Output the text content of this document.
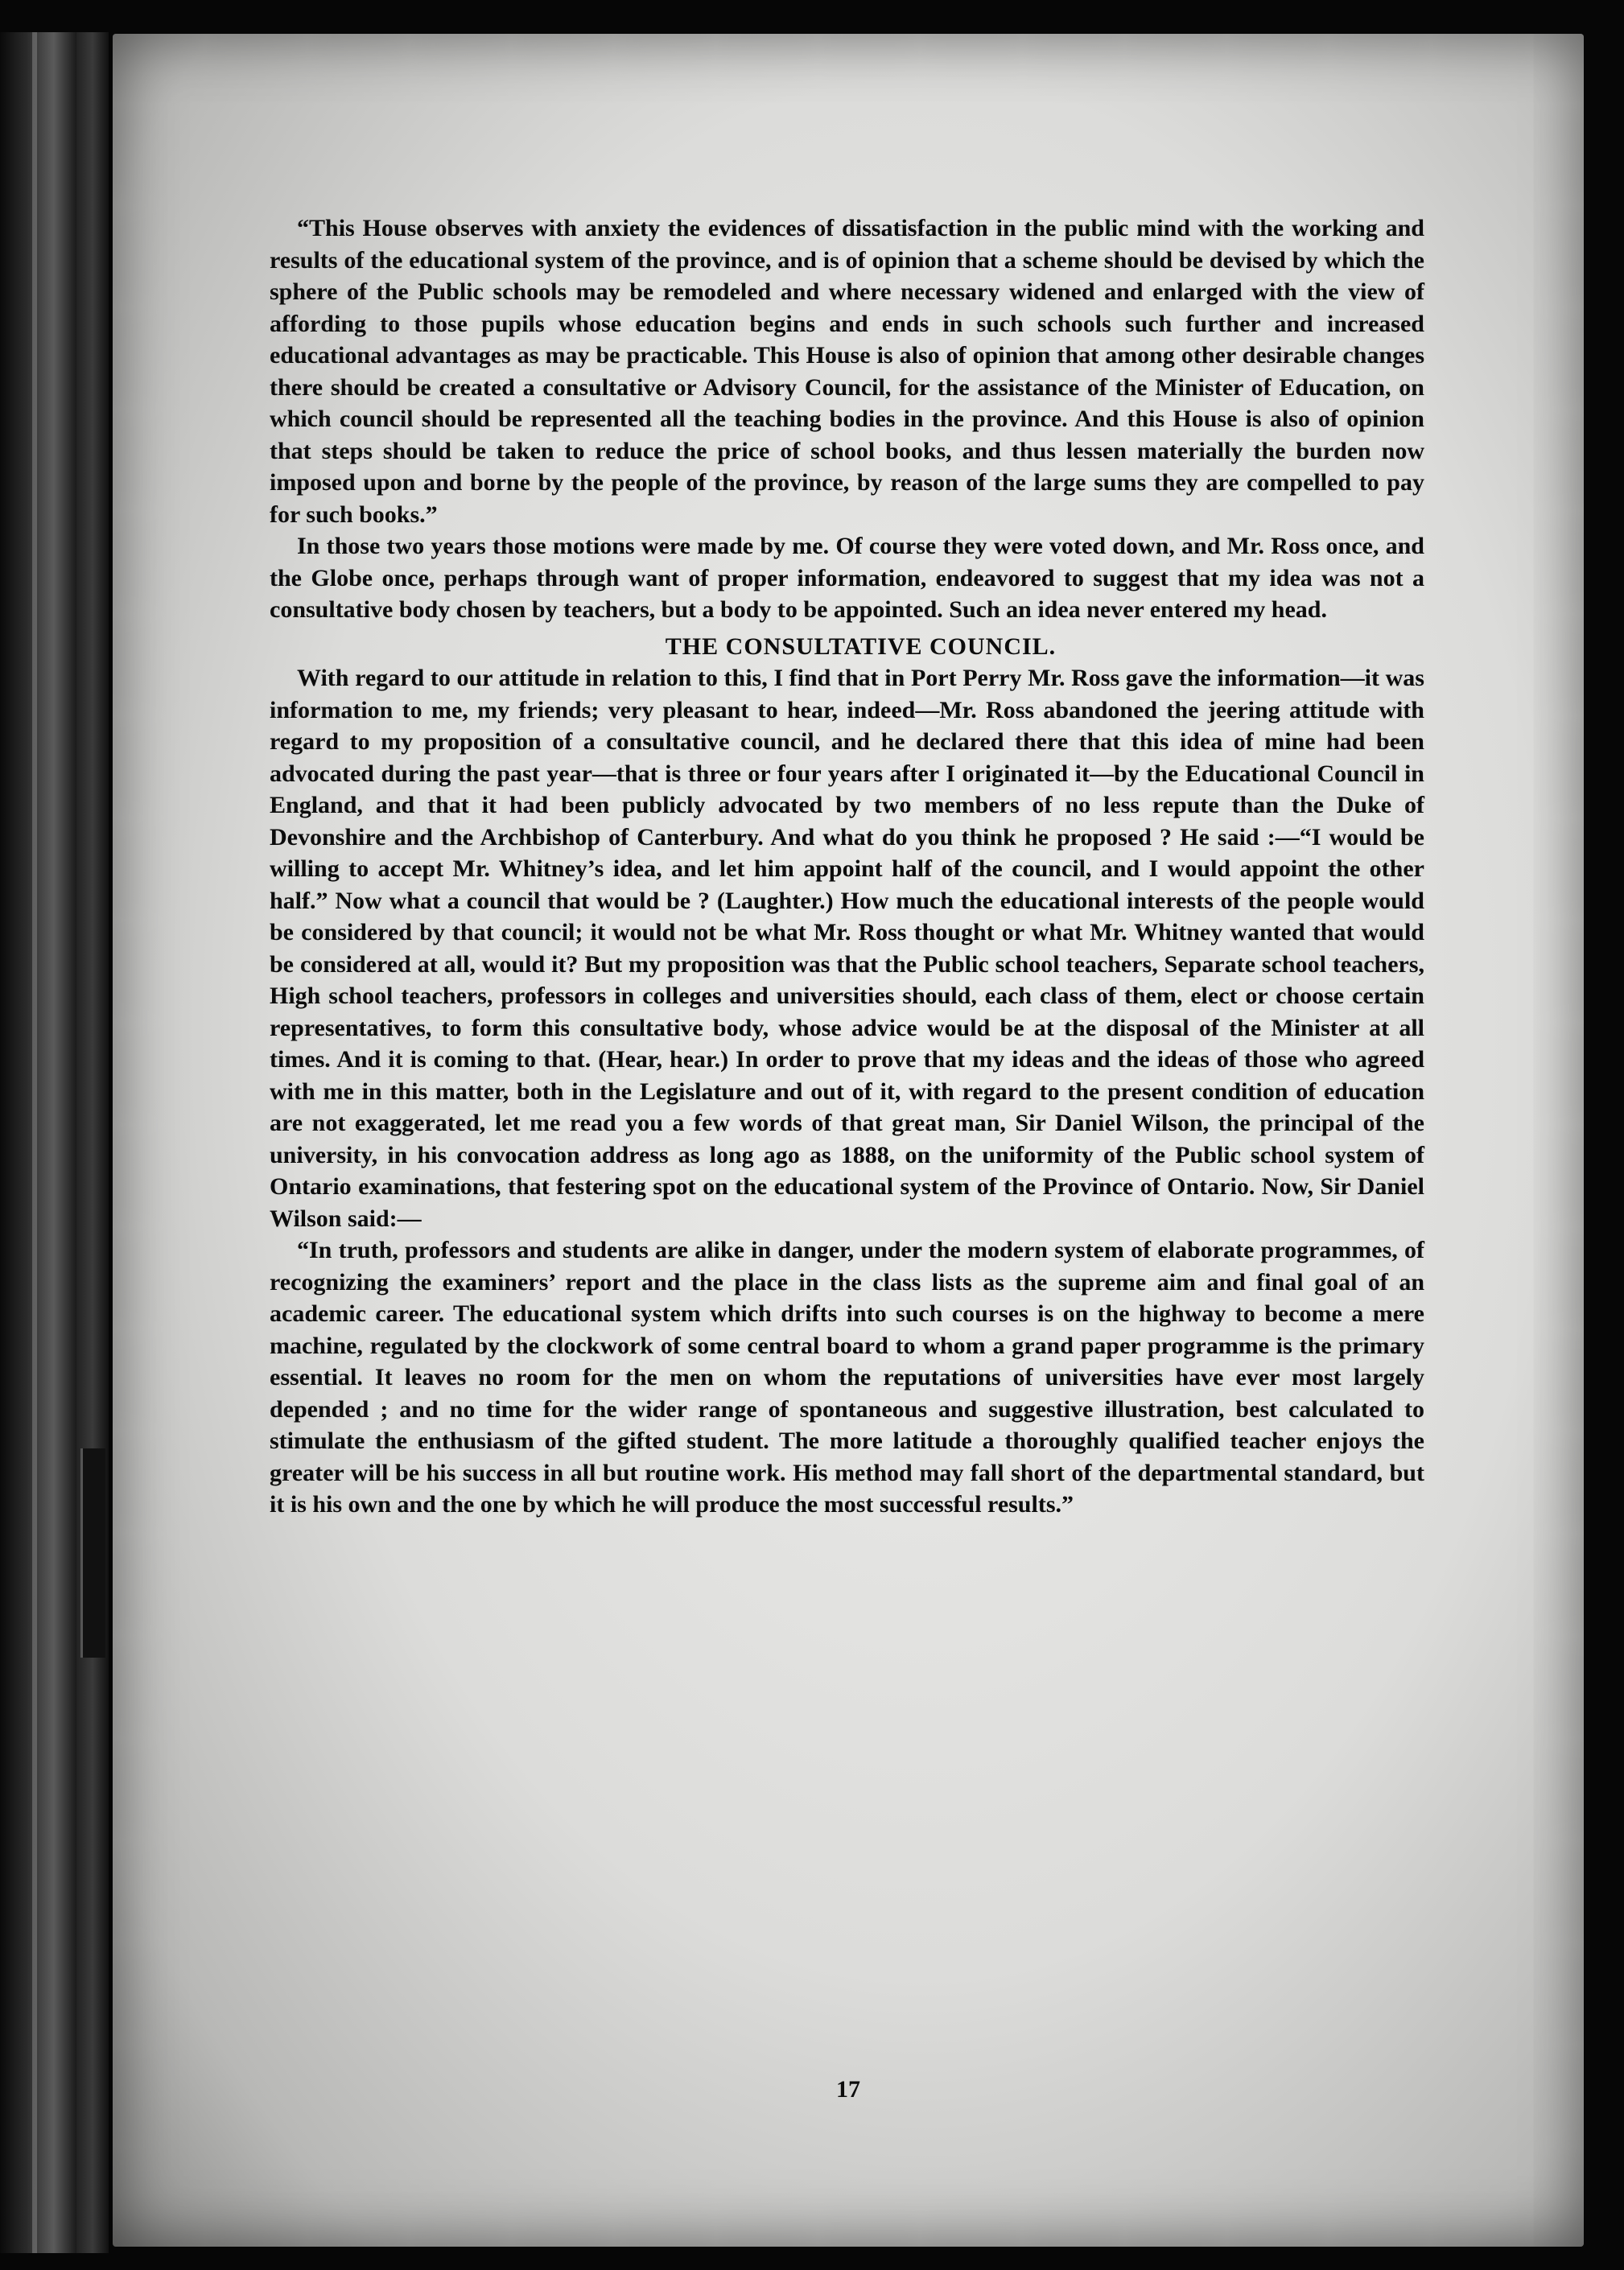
“This House observes with anxiety the evidences of dissatisfaction in the public mind with the working and results of the educational system of the province, and is of opinion that a scheme should be devised by which the sphere of the Public schools may be remodeled and where necessary widened and enlarged with the view of affording to those pupils whose education begins and ends in such schools such further and increased educational advantages as may be practicable. This House is also of opinion that among other desirable changes there should be created a consultative or Advisory Council, for the assistance of the Minister of Education, on which council should be represented all the teaching bodies in the province. And this House is also of opinion that steps should be taken to reduce the price of school books, and thus lessen materially the burden now imposed upon and borne by the people of the province, by reason of the large sums they are compelled to pay for such books.”

In those two years those motions were made by me. Of course they were voted down, and Mr. Ross once, and the Globe once, perhaps through want of proper information, endeavored to suggest that my idea was not a consultative body chosen by teachers, but a body to be appointed. Such an idea never entered my head.

THE CONSULTATIVE COUNCIL.

With regard to our attitude in relation to this, I find that in Port Perry Mr. Ross gave the information—it was information to me, my friends; very pleasant to hear, indeed—Mr. Ross abandoned the jeering attitude with regard to my proposition of a consultative council, and he declared there that this idea of mine had been advocated during the past year—that is three or four years after I originated it—by the Educational Council in England, and that it had been publicly advocated by two members of no less repute than the Duke of Devonshire and the Archbishop of Canterbury. And what do you think he proposed ? He said :—“I would be willing to accept Mr. Whitney’s idea, and let him appoint half of the council, and I would appoint the other half.” Now what a council that would be ? (Laughter.) How much the educational interests of the people would be considered by that council; it would not be what Mr. Ross thought or what Mr. Whitney wanted that would be considered at all, would it? But my proposition was that the Public school teachers, Separate school teachers, High school teachers, professors in colleges and universities should, each class of them, elect or choose certain representatives, to form this consultative body, whose advice would be at the disposal of the Minister at all times. And it is coming to that. (Hear, hear.) In order to prove that my ideas and the ideas of those who agreed with me in this matter, both in the Legislature and out of it, with regard to the present condition of education are not exaggerated, let me read you a few words of that great man, Sir Daniel Wilson, the principal of the university, in his convocation address as long ago as 1888, on the uniformity of the Public school system of Ontario examinations, that festering spot on the educational system of the Province of Ontario. Now, Sir Daniel Wilson said:—

“In truth, professors and students are alike in danger, under the modern system of elaborate programmes, of recognizing the examiners’ report and the place in the class lists as the supreme aim and final goal of an academic career. The educational system which drifts into such courses is on the highway to become a mere machine, regulated by the clockwork of some central board to whom a grand paper programme is the primary essential. It leaves no room for the men on whom the reputations of universities have ever most largely depended ; and no time for the wider range of spontaneous and suggestive illustration, best calculated to stimulate the enthusiasm of the gifted student. The more latitude a thoroughly qualified teacher enjoys the greater will be his success in all but routine work. His method may fall short of the departmental standard, but it is his own and the one by which he will produce the most successful results.”

17
